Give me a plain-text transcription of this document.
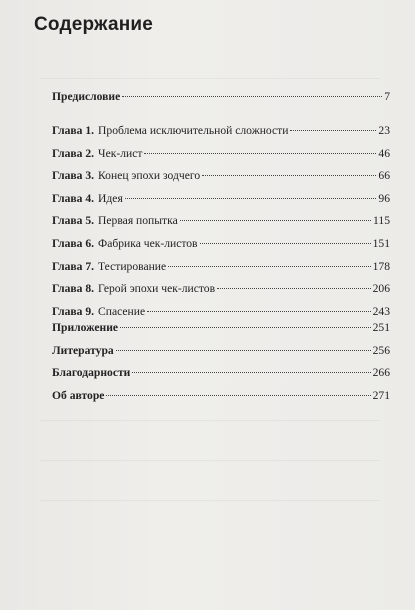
Содержание
Предисловие	7
Глава 1. Проблема исключительной сложности	23
Глава 2. Чек-лист	46
Глава 3. Конец эпохи зодчего	66
Глава 4. Идея	96
Глава 5. Первая попытка	115
Глава 6. Фабрика чек-листов	151
Глава 7. Тестирование	178
Глава 8. Герой эпохи чек-листов	206
Глава 9. Спасение	243
Приложение	251
Литература	256
Благодарности	266
Об авторе	271
